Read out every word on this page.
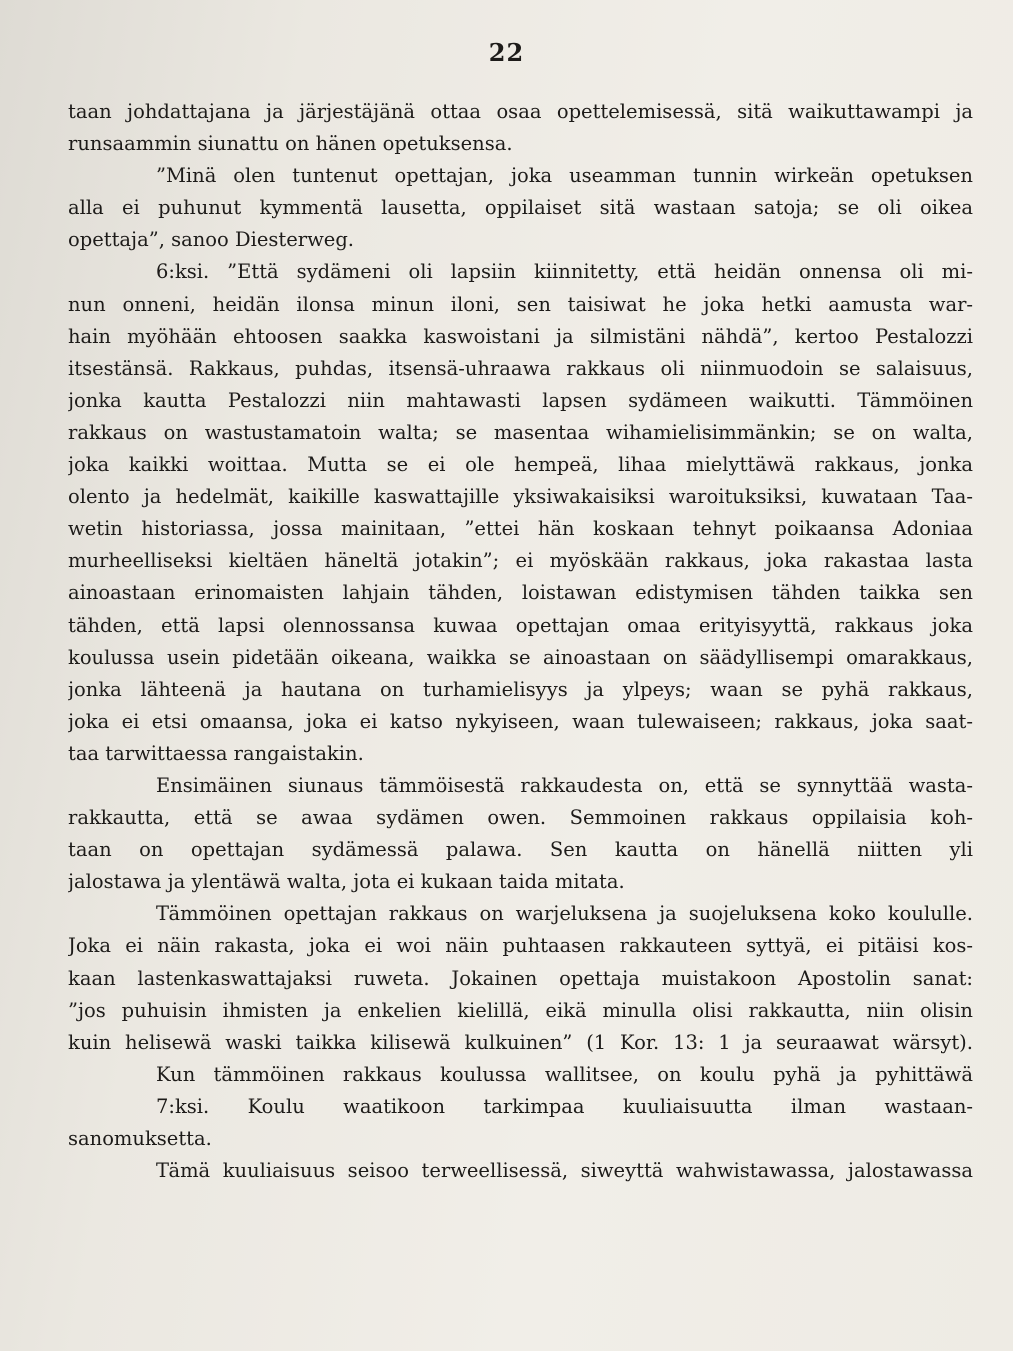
22
taan johdattajana ja järjestäjänä ottaa osaa opettelemisessä, sitä waikuttawampi ja
runsaammin siunattu on hänen opetuksensa.
”Minä olen tuntenut opettajan, joka useamman tunnin wirkeän opetuksen
alla ei puhunut kymmentä lausetta, oppilaiset sitä wastaan satoja; se oli oikea
opettaja”, sanoo Diesterweg.
6:ksi. ”Että sydämeni oli lapsiin kiinnitetty, että heidän onnensa oli mi-
nun onneni, heidän ilonsa minun iloni, sen taisiwat he joka hetki aamusta war-
hain myöhään ehtoosen saakka kaswoistani ja silmistäni nähdä”, kertoo Pestalozzi
itsestänsä. Rakkaus, puhdas, itsensä-uhraawa rakkaus oli niinmuodoin se salaisuus,
jonka kautta Pestalozzi niin mahtawasti lapsen sydämeen waikutti. Tämmöinen
rakkaus on wastustamatoin walta; se masentaa wihamielisimmänkin; se on walta,
joka kaikki woittaa. Mutta se ei ole hempeä, lihaa mielyttäwä rakkaus, jonka
olento ja hedelmät, kaikille kaswattajille yksiwakaisiksi waroituksiksi, kuwataan Taa-
wetin historiassa, jossa mainitaan, ”ettei hän koskaan tehnyt poikaansa Adoniaa
murheelliseksi kieltäen häneltä jotakin”; ei myöskään rakkaus, joka rakastaa lasta
ainoastaan erinomaisten lahjain tähden, loistawan edistymisen tähden taikka sen
tähden, että lapsi olennossansa kuwaa opettajan omaa erityisyyttä, rakkaus joka
koulussa usein pidetään oikeana, waikka se ainoastaan on säädyllisempi omarakkaus,
jonka lähteenä ja hautana on turhamielisyys ja ylpeys; waan se pyhä rakkaus,
joka ei etsi omaansa, joka ei katso nykyiseen, waan tulewaiseen; rakkaus, joka saat-
taa tarwittaessa rangaistakin.
Ensimäinen siunaus tämmöisestä rakkaudesta on, että se synnyttää wasta-
rakkautta, että se awaa sydämen owen. Semmoinen rakkaus oppilaisia koh-
taan on opettajan sydämessä palawa. Sen kautta on hänellä niitten yli
jalostawa ja ylentäwä walta, jota ei kukaan taida mitata.
Tämmöinen opettajan rakkaus on warjeluksena ja suojeluksena koko koululle.
Joka ei näin rakasta, joka ei woi näin puhtaasen rakkauteen syttyä, ei pitäisi kos-
kaan lastenkaswattajaksi ruweta. Jokainen opettaja muistakoon Apostolin sanat:
”jos puhuisin ihmisten ja enkelien kielillä, eikä minulla olisi rakkautta, niin olisin
kuin helisewä waski taikka kilisewä kulkuinen” (1 Kor. 13: 1 ja seuraawat wärsyt).
Kun tämmöinen rakkaus koulussa wallitsee, on koulu pyhä ja pyhittäwä
7:ksi. Koulu waatikoon tarkimpaa kuuliaisuutta ilman wastaan-
sanomuksetta.
Tämä kuuliaisuus seisoo terweellisessä, siweyttä wahwistawassa, jalostawassa
